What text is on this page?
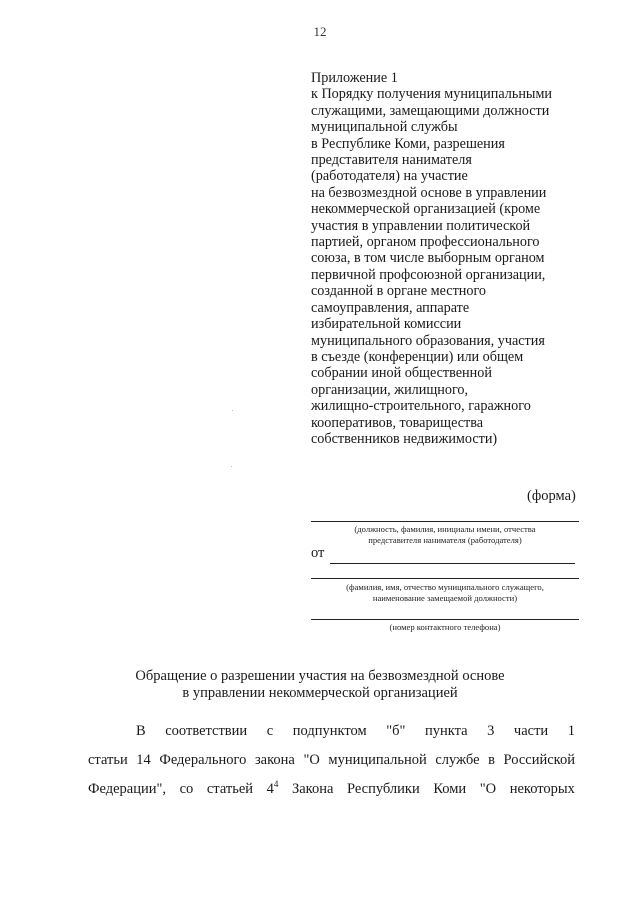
12
Приложение 1
к Порядку получения муниципальными
служащими, замещающими должности
муниципальной службы
в Республике Коми, разрешения
представителя нанимателя
(работодателя) на участие
на безвозмездной основе в управлении
некоммерческой организацией (кроме
участия в управлении политической
партией, органом профессионального
союза, в том числе выборным органом
первичной профсоюзной организации,
созданной в органе местного
самоуправления, аппарате
избирательной комиссии
муниципального образования, участия
в съезде (конференции) или общем
собрании иной общественной
организации, жилищного,
жилищно-строительного, гаражного
кооперативов, товарищества
собственников недвижимости)
(форма)
(должность, фамилия, инициалы имени, отчества
представителя нанимателя (работодателя)
от
(фамилия, имя, отчество муниципального служащего,
наименование замещаемой должности)
(номер контактного телефона)
Обращение о разрешении участия на безвозмездной основе
в управлении некоммерческой организацией
В соответствии с подпунктом "б" пункта 3 части 1
статьи 14 Федерального закона "О муниципальной службе в Российской
Федерации", со статьей $4^4$ Закона Республики Коми "О некоторых
